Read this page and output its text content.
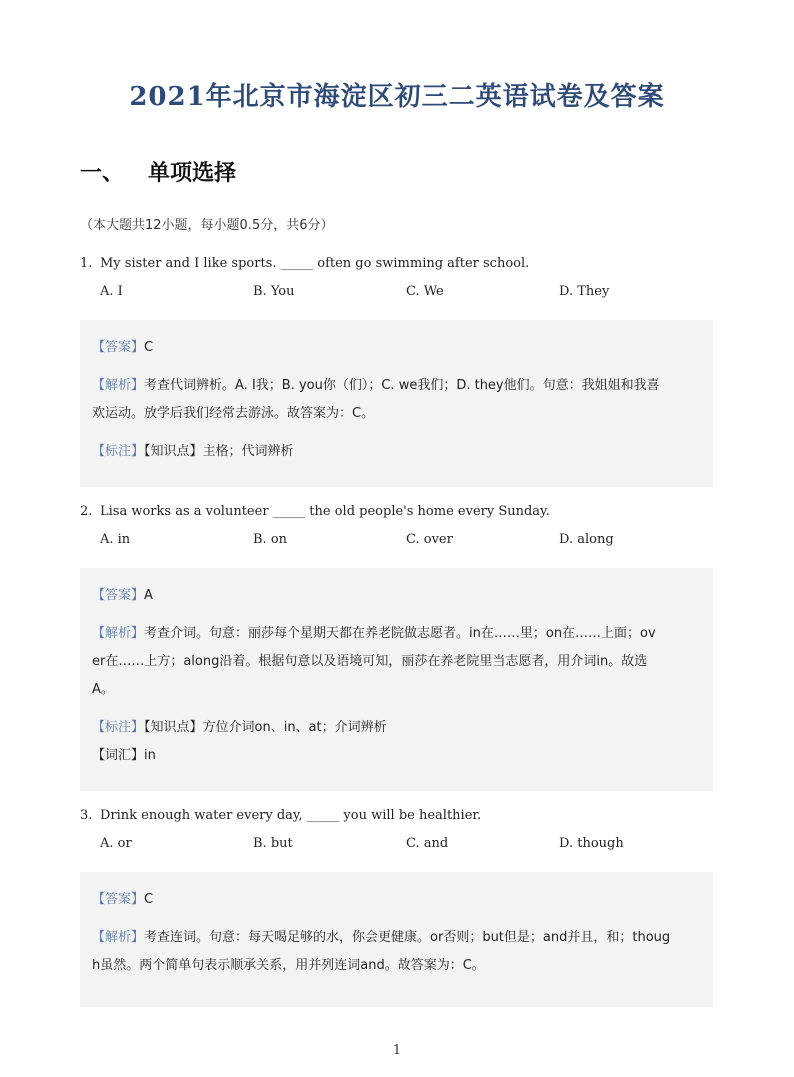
2021年北京市海淀区初三二英语试卷及答案
一、 单项选择
（本大题共12小题，每小题0.5分，共6分）
1. My sister and I like sports. _____ often go swimming after school.
A. I	B. You	C. We	D. They
【答案】C
【解析】考查代词辨析。A. I我；B. you你（们）；C. we我们；D. they他们。句意：我姐姐和我喜
欢运动。放学后我们经常去游泳。故答案为：C。
【标注】【知识点】主格；代词辨析
2. Lisa works as a volunteer _____ the old people's home every Sunday.
A. in	B. on	C. over	D. along
【答案】A
【解析】考查介词。句意：丽莎每个星期天都在养老院做志愿者。in在……里；on在……上面；ov
er在……上方；along沿着。根据句意以及语境可知，丽莎在养老院里当志愿者，用介词in。故选
A。
【标注】【知识点】方位介词on、in、at；介词辨析
【词汇】in
3. Drink enough water every day, _____ you will be healthier.
A. or	B. but	C. and	D. though
【答案】C
【解析】考查连词。句意：每天喝足够的水，你会更健康。or否则；but但是；and并且，和；thoug
h虽然。两个简单句表示顺承关系，用并列连词and。故答案为：C。
1
